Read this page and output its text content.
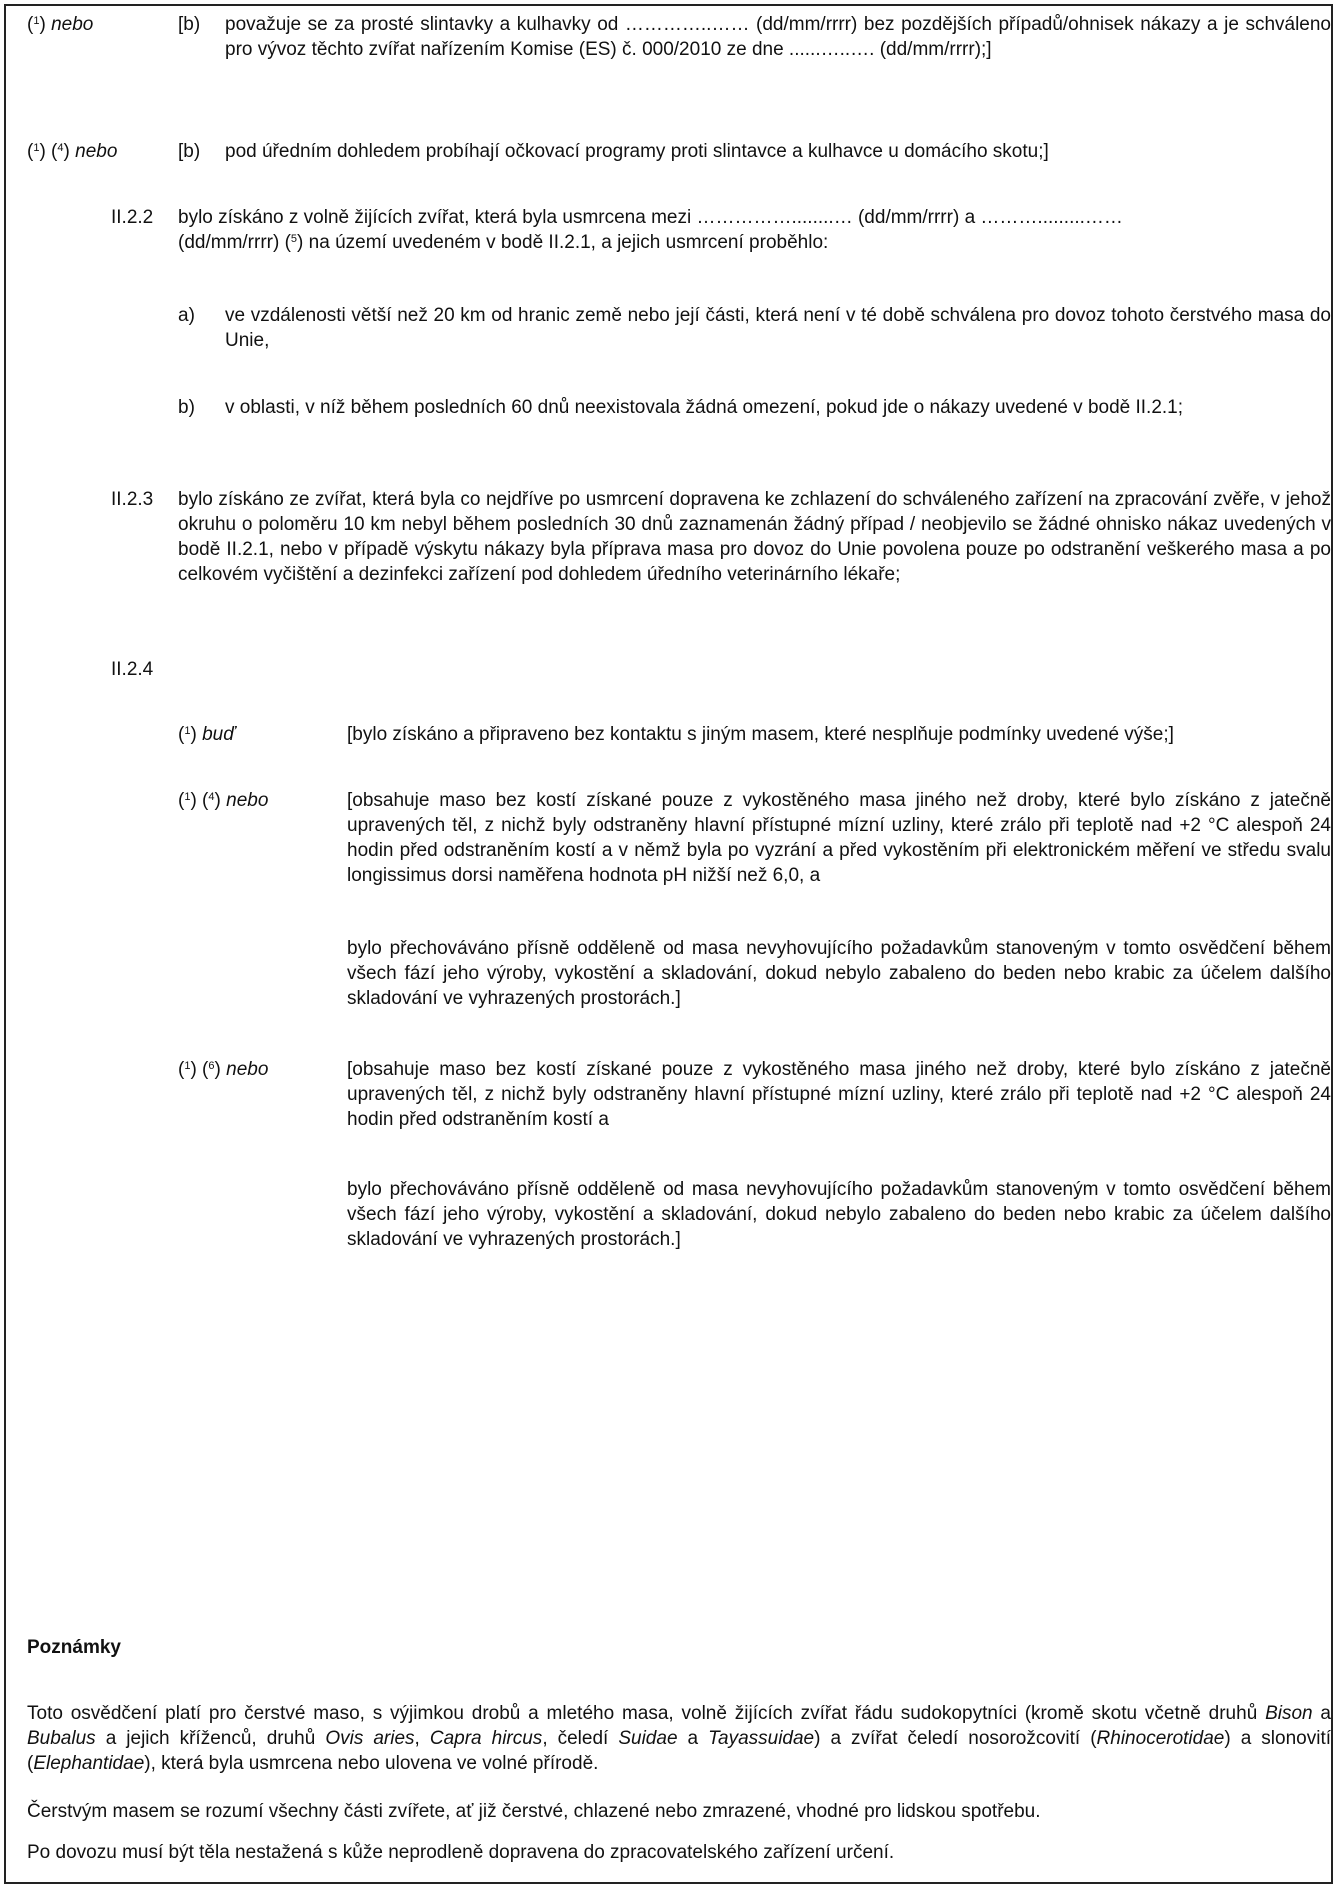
($^1$) nebo	[b) považuje se za prosté slintavky a kulhavky od …………..…… (dd/mm/rrrr) bez pozdějších případů/ohnisek nákazy a je schváleno pro vývoz těchto zvířat nařízením Komise (ES) č. 000/2010 ze dne ......…..…. (dd/mm/rrrr);]
($^1$) ($^4$) nebo	[b) pod úředním dohledem probíhají očkovací programy proti slintavce a kulhavce u domácího skotu;]
II.2.2 bylo získáno z volně žijících zvířat, která byla usmrcena mezi ……………........… (dd/mm/rrrr) a ……….........……
(dd/mm/rrrr) ($^5$) na území uvedeném v bodě II.2.1, a jejich usmrcení proběhlo:
a) ve vzdálenosti větší než 20 km od hranic země nebo její části, která není v té době schválena pro dovoz tohoto čerstvého masa do Unie,
b) v oblasti, v níž během posledních 60 dnů neexistovala žádná omezení, pokud jde o nákazy uvedené v bodě II.2.1;
II.2.3 bylo získáno ze zvířat, která byla co nejdříve po usmrcení dopravena ke zchlazení do schváleného zařízení na zpracování zvěře, v jehož okruhu o poloměru 10 km nebyl během posledních 30 dnů zaznamenán žádný případ / neobjevilo se žádné ohnisko nákaz uvedených v bodě II.2.1, nebo v případě výskytu nákazy byla příprava masa pro dovoz do Unie povolena pouze po odstranění veškerého masa a po celkovém vyčištění a dezinfekci zařízení pod dohledem úředního veterinárního lékaře;
II.2.4
($^1$) buď	[bylo získáno a připraveno bez kontaktu s jiným masem, které nesplňuje podmínky uvedené výše;]
($^1$) ($^4$) nebo	[obsahuje maso bez kostí získané pouze z vykostěného masa jiného než droby, které bylo získáno z jatečně upravených těl, z nichž byly odstraněny hlavní přístupné mízní uzliny, které zrálo při teplotě nad +2 °C alespoň 24 hodin před odstraněním kostí a v němž byla po vyzrání a před vykostěním při elektronickém měření ve středu svalu longissimus dorsi naměřena hodnota pH nižší než 6,0, a
bylo přechováváno přísně odděleně od masa nevyhovujícího požadavkům stanoveným v tomto osvědčení během všech fází jeho výroby, vykostění a skladování, dokud nebylo zabaleno do beden nebo krabic za účelem dalšího skladování ve vyhrazených prostorách.]
($^1$) ($^6$) nebo	[obsahuje maso bez kostí získané pouze z vykostěného masa jiného než droby, které bylo získáno z jatečně upravených těl, z nichž byly odstraněny hlavní přístupné mízní uzliny, které zrálo při teplotě nad +2 °C alespoň 24 hodin před odstraněním kostí a
bylo přechováváno přísně odděleně od masa nevyhovujícího požadavkům stanoveným v tomto osvědčení během všech fází jeho výroby, vykostění a skladování, dokud nebylo zabaleno do beden nebo krabic za účelem dalšího skladování ve vyhrazených prostorách.]
Poznámky
Toto osvědčení platí pro čerstvé maso, s výjimkou drobů a mletého masa, volně žijících zvířat řádu sudokopytníci (kromě skotu včetně druhů Bison a Bubalus a jejich kříženců, druhů Ovis aries, Capra hircus, čeledí Suidae a Tayassuidae) a zvířat čeledí nosorožcovití (Rhinocerotidae) a slonovití (Elephantidae), která byla usmrcena nebo ulovena ve volné přírodě.
Čerstvým masem se rozumí všechny části zvířete, ať již čerstvé, chlazené nebo zmrazené, vhodné pro lidskou spotřebu.
Po dovozu musí být těla nestažená s kůže neprodleně dopravena do zpracovatelského zařízení určení.
